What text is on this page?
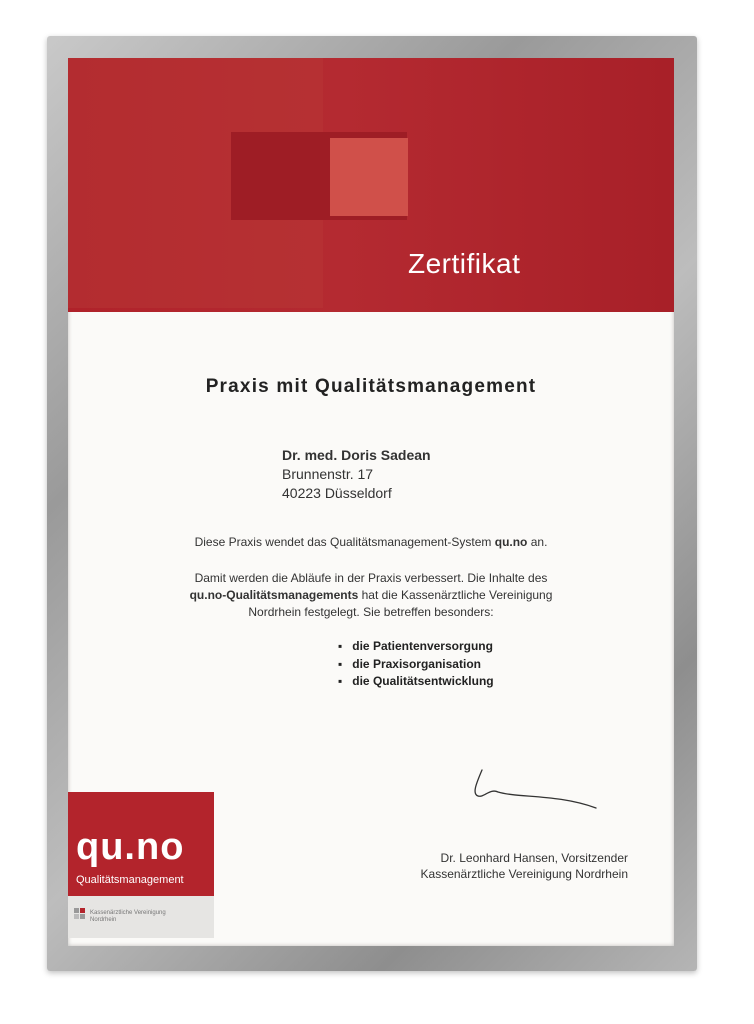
Zertifikat
Praxis mit Qualitätsmanagement
Dr. med. Doris Sadean
Brunnenstr. 17
40223 Düsseldorf
Diese Praxis wendet das Qualitätsmanagement-System qu.no an.
Damit werden die Abläufe in der Praxis verbessert. Die Inhalte des
qu.no-Qualitätsmanagements hat die Kassenärztliche Vereinigung
Nordrhein festgelegt. Sie betreffen besonders:
▪ die Patientenversorgung
▪ die Praxisorganisation
▪ die Qualitätsentwicklung
Dr. Leonhard Hansen, Vorsitzender
Kassenärztliche Vereinigung Nordrhein
qu.no
Qualitätsmanagement
Kassenärztliche Vereinigung
Nordrhein
